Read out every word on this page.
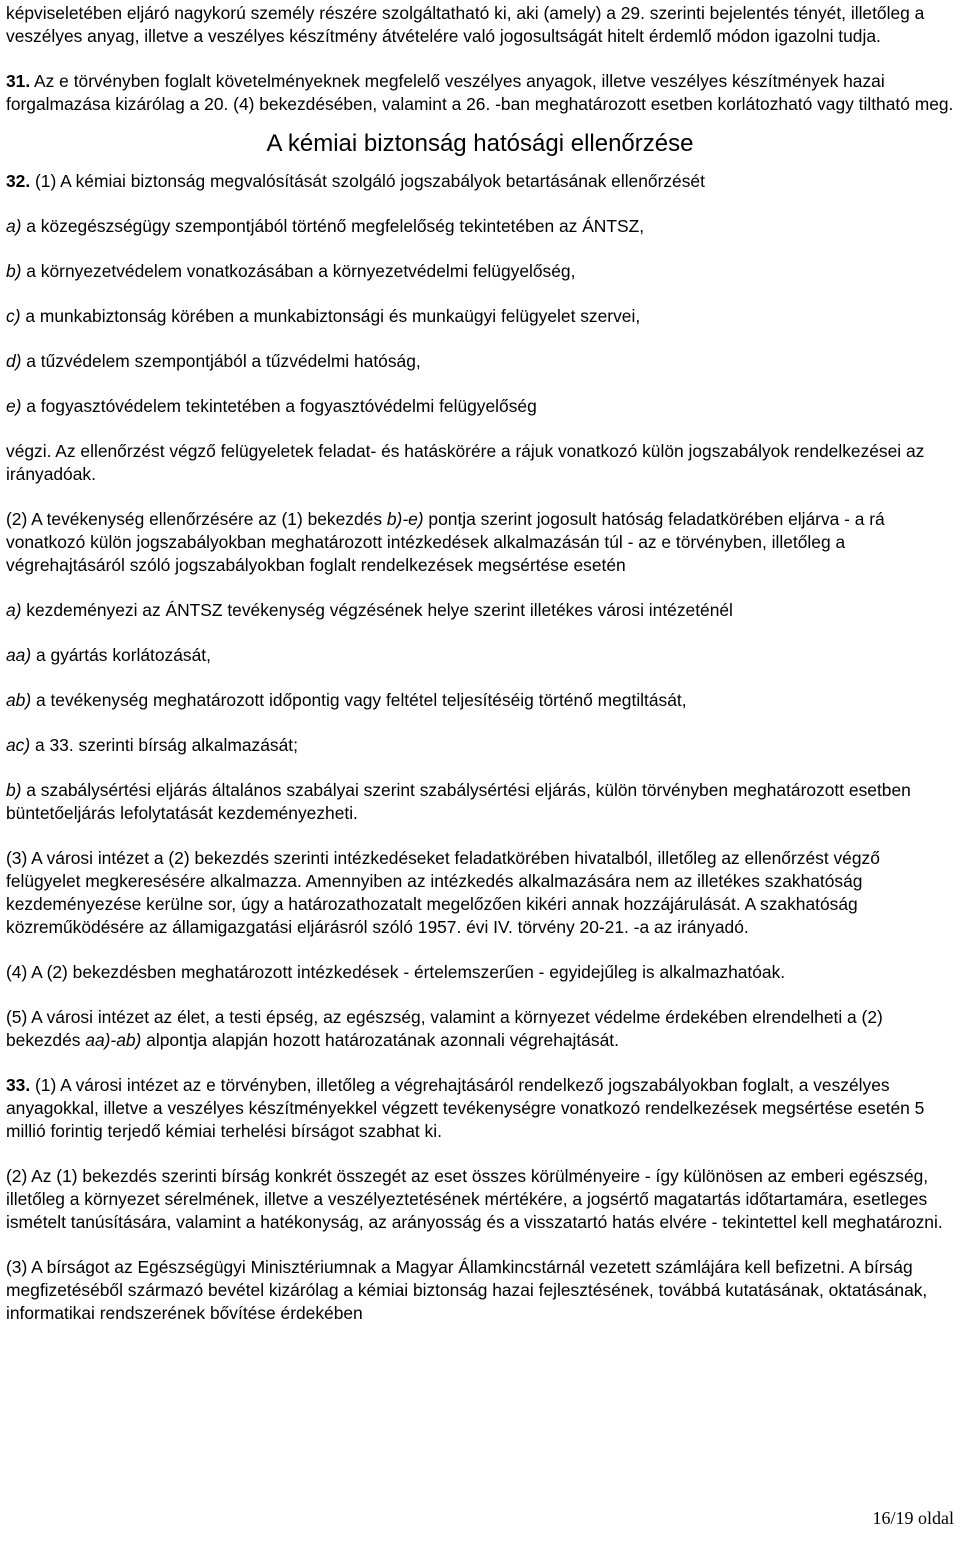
képviseletében eljáró nagykorú személy részére szolgáltatható ki, aki (amely) a 29. szerinti bejelentés tényét, illetőleg a veszélyes anyag, illetve a veszélyes készítmény átvételére való jogosultságát hitelt érdemlő módon igazolni tudja.

31. Az e törvényben foglalt követelményeknek megfelelő veszélyes anyagok, illetve veszélyes készítmények hazai forgalmazása kizárólag a 20. (4) bekezdésében, valamint a 26. -ban meghatározott esetben korlátozható vagy tiltható meg.

A kémiai biztonság hatósági ellenőrzése

32. (1) A kémiai biztonság megvalósítását szolgáló jogszabályok betartásának ellenőrzését

a) a közegészségügy szempontjából történő megfelelőség tekintetében az ÁNTSZ,

b) a környezetvédelem vonatkozásában a környezetvédelmi felügyelőség,

c) a munkabiztonság körében a munkabiztonsági és munkaügyi felügyelet szervei,

d) a tűzvédelem szempontjából a tűzvédelmi hatóság,

e) a fogyasztóvédelem tekintetében a fogyasztóvédelmi felügyelőség

végzi. Az ellenőrzést végző felügyeletek feladat- és hatáskörére a rájuk vonatkozó külön jogszabályok rendelkezései az irányadóak.

(2) A tevékenység ellenőrzésére az (1) bekezdés b)-e) pontja szerint jogosult hatóság feladatkörében eljárva - a rá vonatkozó külön jogszabályokban meghatározott intézkedések alkalmazásán túl - az e törvényben, illetőleg a végrehajtásáról szóló jogszabályokban foglalt rendelkezések megsértése esetén

a) kezdeményezi az ÁNTSZ tevékenység végzésének helye szerint illetékes városi intézeténél

aa) a gyártás korlátozását,

ab) a tevékenység meghatározott időpontig vagy feltétel teljesítéséig történő megtiltását,

ac) a 33. szerinti bírság alkalmazását;

b) a szabálysértési eljárás általános szabályai szerint szabálysértési eljárás, külön törvényben meghatározott esetben büntetőeljárás lefolytatását kezdeményezheti.

(3) A városi intézet a (2) bekezdés szerinti intézkedéseket feladatkörében hivatalból, illetőleg az ellenőrzést végző felügyelet megkeresésére alkalmazza. Amennyiben az intézkedés alkalmazására nem az illetékes szakhatóság kezdeményezése kerülne sor, úgy a határozathozatalt megelőzően kikéri annak hozzájárulását. A szakhatóság közreműködésére az államigazgatási eljárásról szóló 1957. évi IV. törvény 20-21. -a az irányadó.

(4) A (2) bekezdésben meghatározott intézkedések - értelemszerűen - egyidejűleg is alkalmazhatóak.

(5) A városi intézet az élet, a testi épség, az egészség, valamint a környezet védelme érdekében elrendelheti a (2) bekezdés aa)-ab) alpontja alapján hozott határozatának azonnali végrehajtását.

33. (1) A városi intézet az e törvényben, illetőleg a végrehajtásáról rendelkező jogszabályokban foglalt, a veszélyes anyagokkal, illetve a veszélyes készítményekkel végzett tevékenységre vonatkozó rendelkezések megsértése esetén 5 millió forintig terjedő kémiai terhelési bírságot szabhat ki.

(2) Az (1) bekezdés szerinti bírság konkrét összegét az eset összes körülményeire - így különösen az emberi egészség, illetőleg a környezet sérelmének, illetve a veszélyeztetésének mértékére, a jogsértő magatartás időtartamára, esetleges ismételt tanúsítására, valamint a hatékonyság, az arányosság és a visszatartó hatás elvére - tekintettel kell meghatározni.

(3) A bírságot az Egészségügyi Minisztériumnak a Magyar Államkincstárnál vezetett számlájára kell befizetni. A bírság megfizetéséből származó bevétel kizárólag a kémiai biztonság hazai fejlesztésének, továbbá kutatásának, oktatásának, informatikai rendszerének bővítése érdekében

16/19 oldal
